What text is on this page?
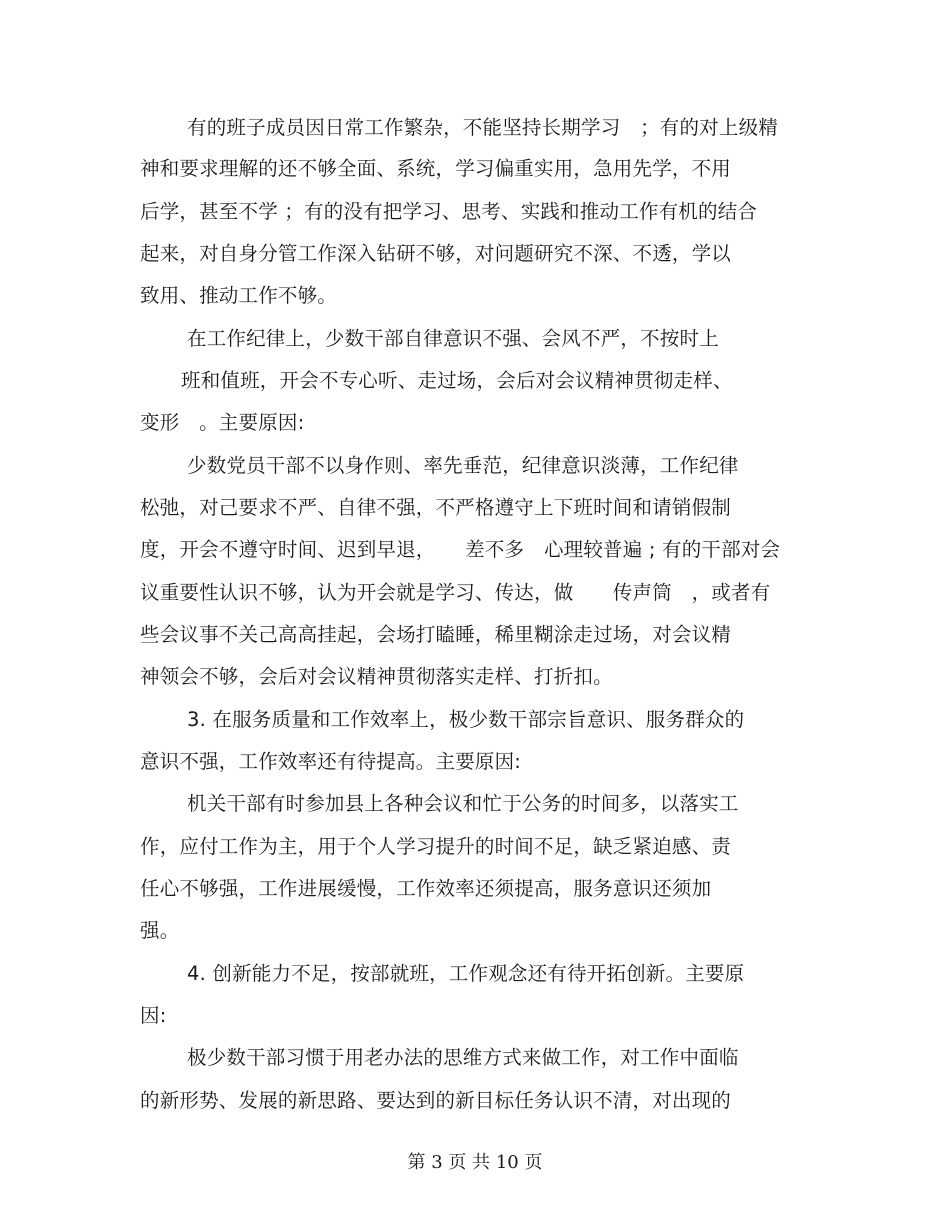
有的班子成员因日常工作繁杂，不能坚持长期学习　；有的对上级精
神和要求理解的还不够全面、系统，学习偏重实用，急用先学，不用
后学，甚至不学 ；有的没有把学习、思考、实践和推动工作有机的结合
起来，对自身分管工作深入钻研不够，对问题研究不深、不透，学以
致用、推动工作不够。
在工作纪律上，少数干部自律意识不强、会风不严，不按时上
班和值班，开会不专心听、走过场，会后对会议精神贯彻走样、
变形　。主要原因:
少数党员干部不以身作则、率先垂范，纪律意识淡薄，工作纪律
松弛，对己要求不严、自律不强，不严格遵守上下班时间和请销假制
度，开会不遵守时间、迟到早退，　　差不多　心理较普遍 ; 有的干部对会
议重要性认识不够，认为开会就是学习、传达，做　　传声筒　，或者有
些会议事不关己高高挂起，会场打瞌睡，稀里糊涂走过场，对会议精
神领会不够，会后对会议精神贯彻落实走样、打折扣。
3. 在服务质量和工作效率上，极少数干部宗旨意识、服务群众的
意识不强，工作效率还有待提高。主要原因:
机关干部有时参加县上各种会议和忙于公务的时间多，以落实工
作，应付工作为主，用于个人学习提升的时间不足，缺乏紧迫感、责
任心不够强，工作进展缓慢，工作效率还须提高，服务意识还须加
强。
4. 创新能力不足，按部就班，工作观念还有待开拓创新。主要原
因:
极少数干部习惯于用老办法的思维方式来做工作，对工作中面临
的新形势、发展的新思路、要达到的新目标任务认识不清，对出现的
第 3 页 共 10 页
